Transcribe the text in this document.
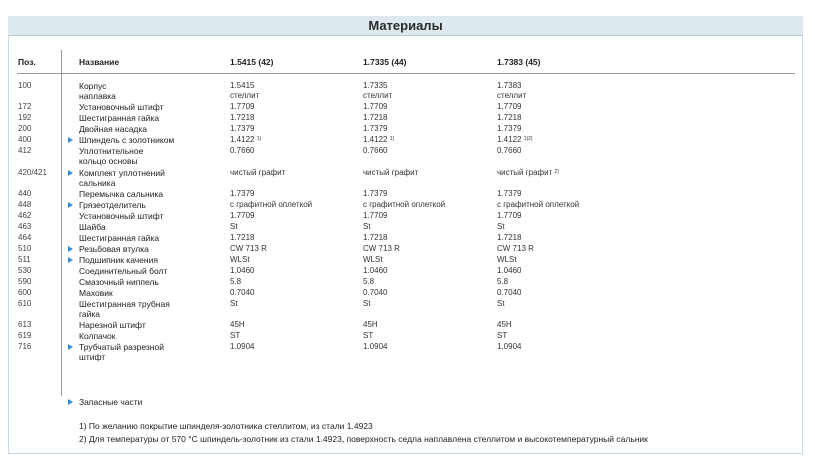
Материалы
Поз.	Название	1.5415 (42)	1.7335 (44)	1.7383 (45)
100	Корпус	1.5415	1.7335	1.7383
наплавка	стеллит	стеллит	стеллит
172	Установочный штифт	1.7709	1.7709	1.7709
192	Шестигранная гайка	1.7218	1.7218	1.7218
200	Двойная насадка	1.7379	1.7379	1.7379
400	Шпиндель с золотником	1.4122 $^{1)}$	1.4122 $^{1)}$	1.4122 $^{1)2)}$
412	Уплотнительное	0.7660	0.7660	0.7660
кольцо основы
420/421	Комплект уплотнений	чистый графит	чистый графит	чистый графит $^{2)}$
сальника
440	Перемычка сальника	1.7379	1.7379	1.7379
448	Грязеотделитель	с графитной оплеткой	с графитной оплеткой	с графитной оплеткой
462	Установочный штифт	1.7709	1.7709	1.7709
463	Шайба	St	St	St
464	Шестигранная гайка	1.7218	1.7218	1.7218
510	Резьбовая втулка	CW 713 R	CW 713 R	CW 713 R
511	Подшипник качения	WLSt	WLSt	WLSt
530	Соединительный болт	1.0460	1.0460	1.0460
590	Смазочный ниппель	5.8	5.8	5.8
600	Маховик	0.7040	0.7040	0.7040
610	Шестигранная трубная	St	St	St
гайка
613	Нарезной штифт	45H	45H	45H
619	Колпачок	ST	ST	ST
716	Трубчатый разрезной	1.0904	1.0904	1.0904
штифт
Запасные части
1) По желанию покрытие шпинделя-золотника стеллитом, из стали 1.4923
2) Для температуры от 570 °C шпиндель-золотник из стали 1.4923, поверхность седла наплавлена стеллитом и высокотемпературный сальник
